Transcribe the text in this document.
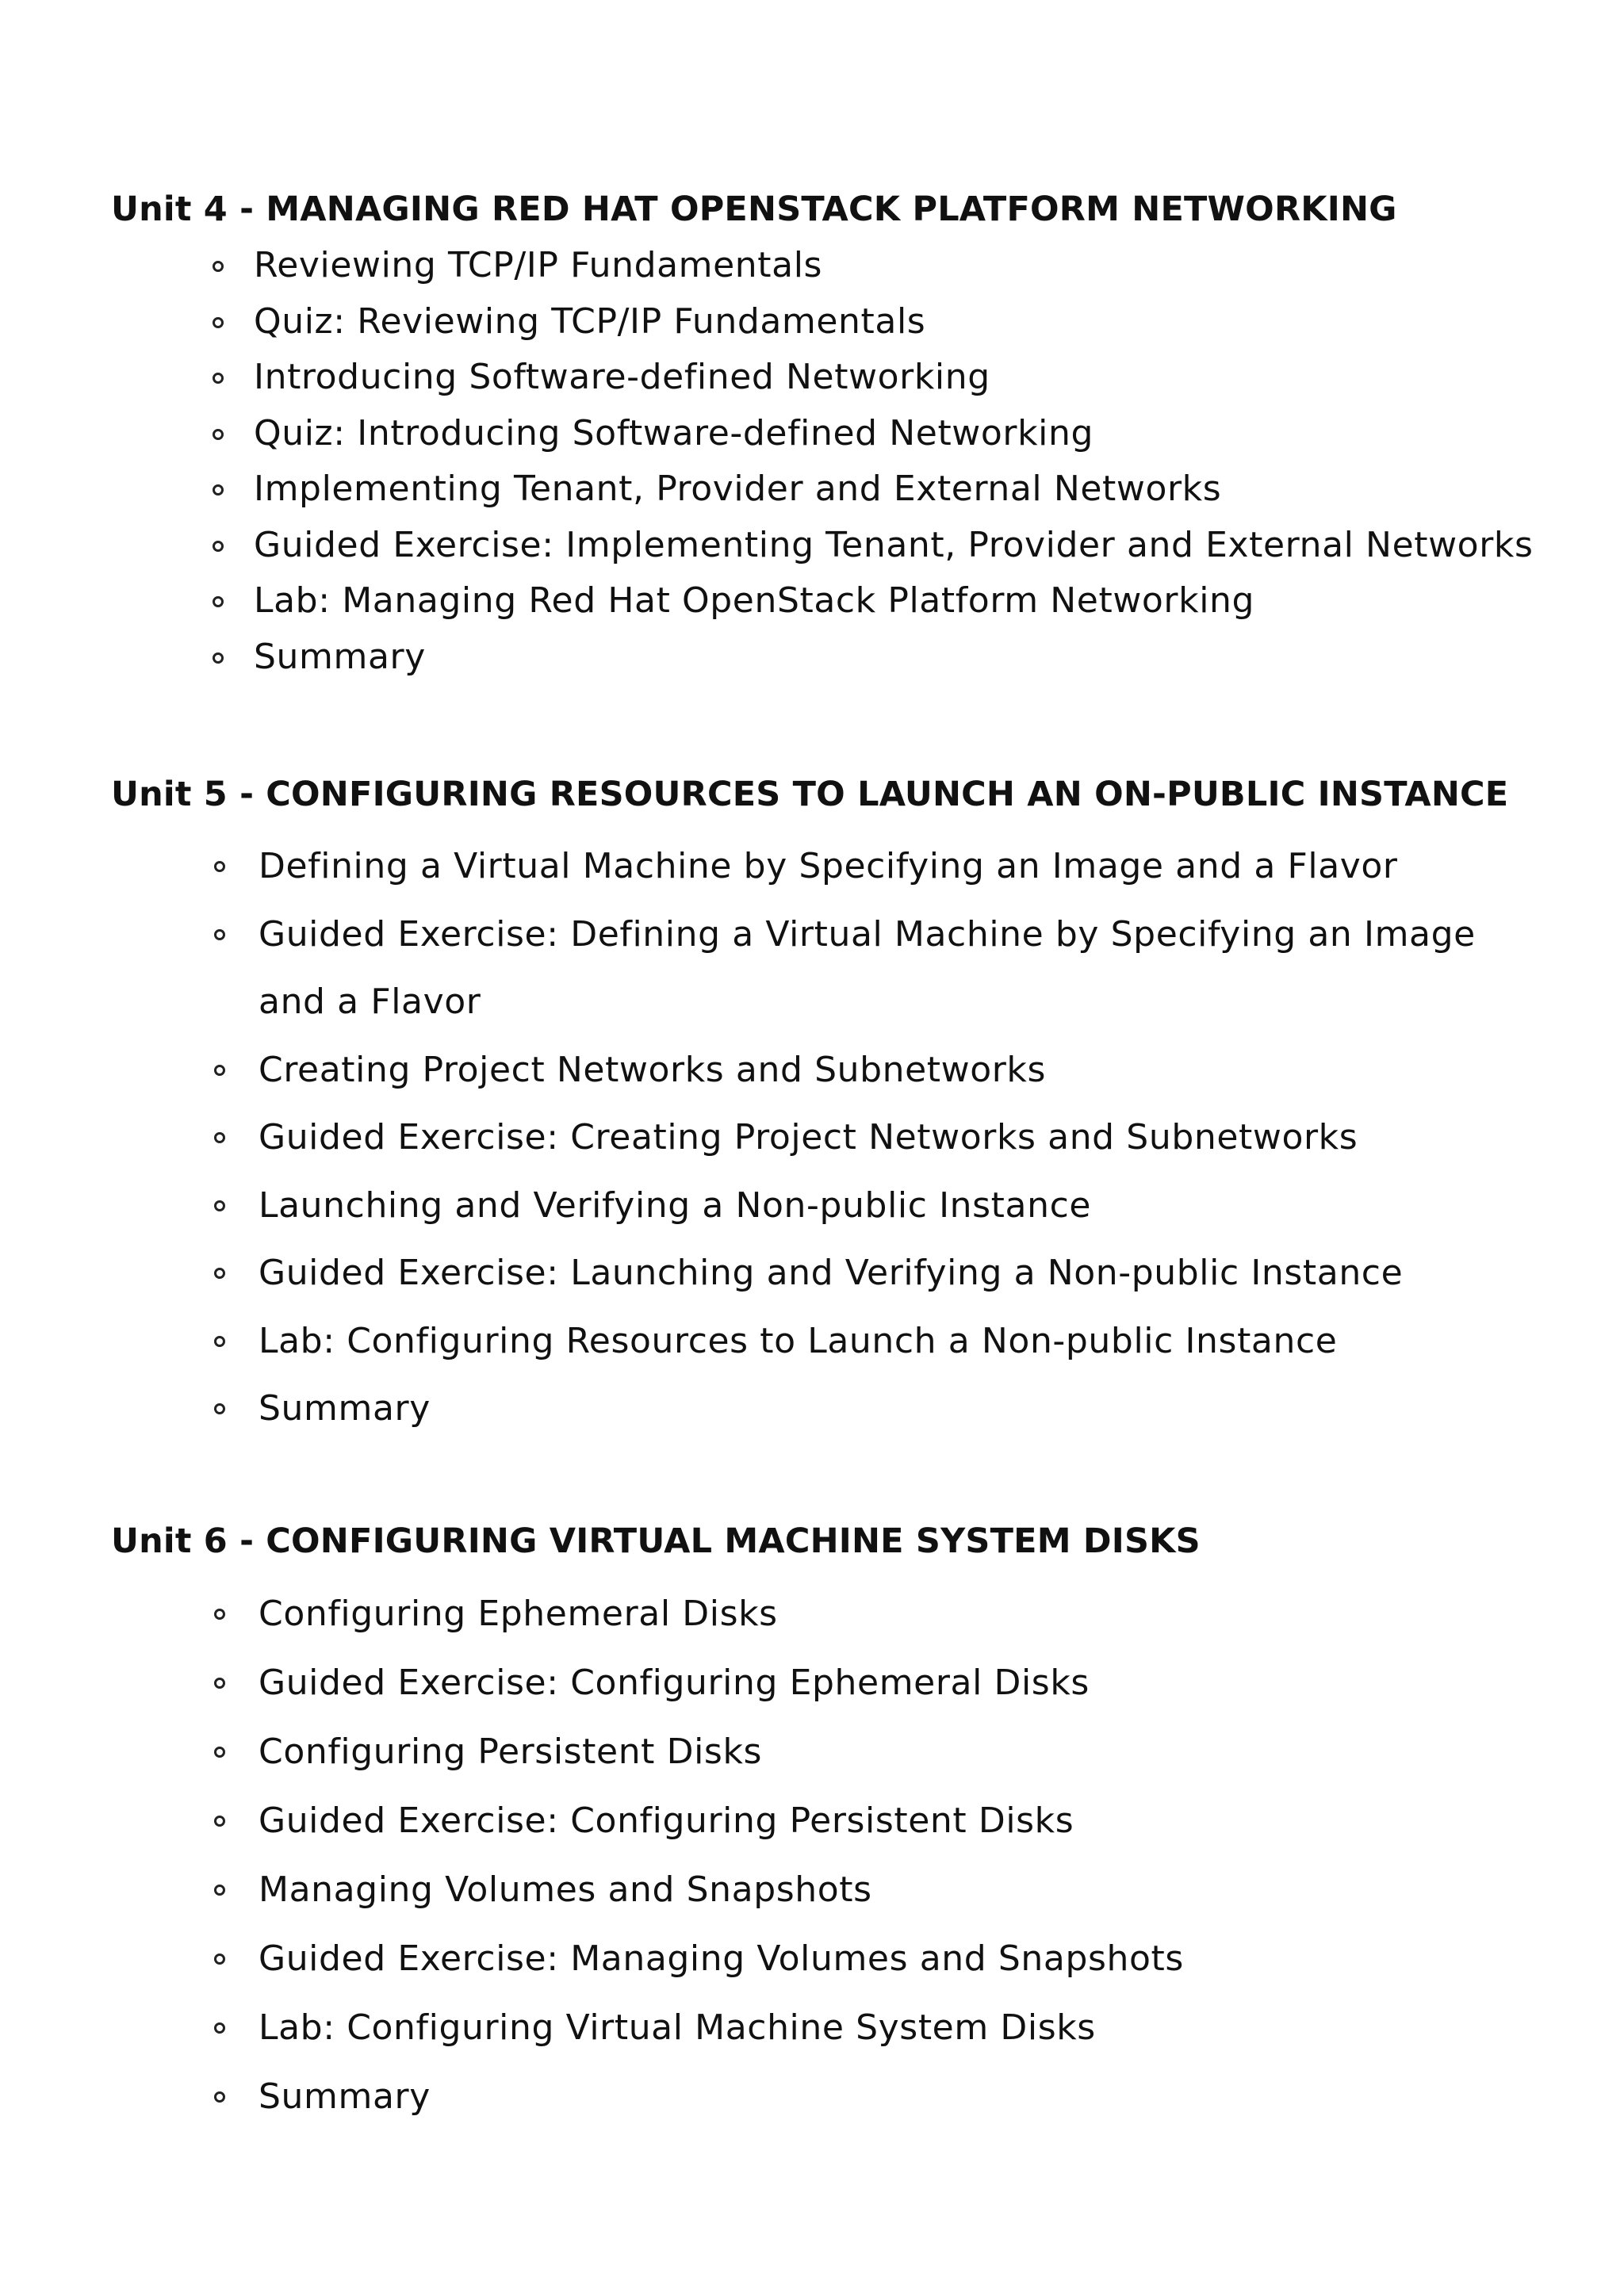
Unit 4 - MANAGING RED HAT OPENSTACK PLATFORM NETWORKING
Reviewing TCP/IP Fundamentals
Quiz: Reviewing TCP/IP Fundamentals
Introducing Software-defined Networking
Quiz: Introducing Software-defined Networking
Implementing Tenant, Provider and External Networks
Guided Exercise: Implementing Tenant, Provider and External Networks
Lab: Managing Red Hat OpenStack Platform Networking
Summary
Unit 5 - CONFIGURING RESOURCES TO LAUNCH AN ON-PUBLIC INSTANCE
Defining a Virtual Machine by Specifying an Image and a Flavor
Guided Exercise: Defining a Virtual Machine by Specifying an Image
and a Flavor
Creating Project Networks and Subnetworks
Guided Exercise: Creating Project Networks and Subnetworks
Launching and Verifying a Non-public Instance
Guided Exercise: Launching and Verifying a Non-public Instance
Lab: Configuring Resources to Launch a Non-public Instance
Summary
Unit 6 - CONFIGURING VIRTUAL MACHINE SYSTEM DISKS
Configuring Ephemeral Disks
Guided Exercise: Configuring Ephemeral Disks
Configuring Persistent Disks
Guided Exercise: Configuring Persistent Disks
Managing Volumes and Snapshots
Guided Exercise: Managing Volumes and Snapshots
Lab: Configuring Virtual Machine System Disks
Summary
